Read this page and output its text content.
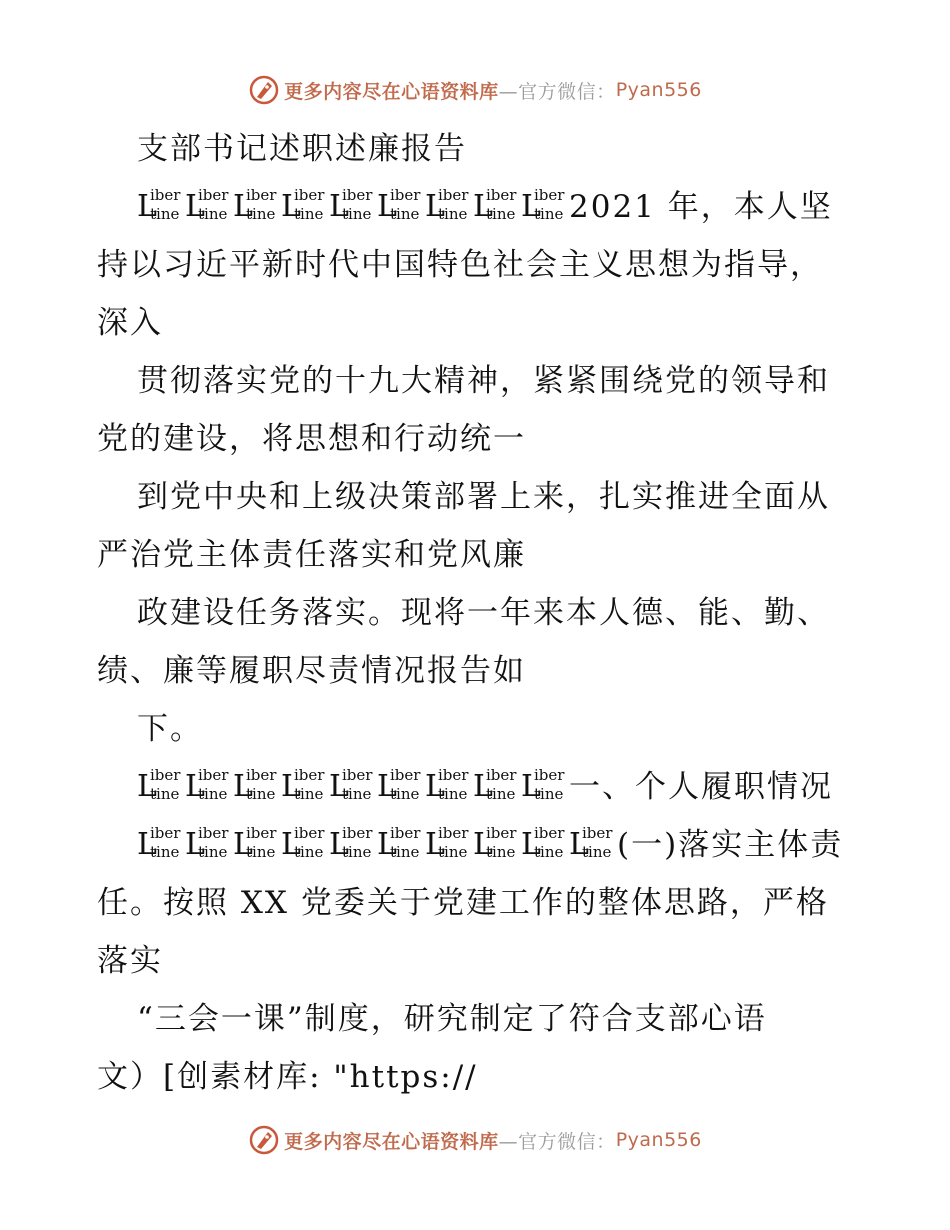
更多内容尽在心语资料库 —官方微信： Pyan556
支部书记述职述廉报告
L
iber
tine L
iber
tine L
iber
tine L
iber
tine L
iber
tine L
iber
tine L
iber
tine L
iber
tine L
iber
tine 2021 年，本人坚
持以习近平新时代中国特色社会主义思想为指导，
深入
贯彻落实党的十九大精神，紧紧围绕党的领导和
党的建设，将思想和行动统一
到党中央和上级决策部署上来，扎实推进全面从
严治党主体责任落实和党风廉
政建设任务落实。现将一年来本人德、能、勤、
绩、廉等履职尽责情况报告如
下。
L
iber
tine L
iber
tine L
iber
tine L
iber
tine L
iber
tine L
iber
tine L
iber
tine L
iber
tine L
iber
tine 一、个人履职情况
L
iber
tine L
iber
tine L
iber
tine L
iber
tine L
iber
tine L
iber
tine L
iber
tine L
iber
tine L
iber
tine L
iber
tine (一)落实主体责
任。按照 XX 党委关于党建工作的整体思路，严格
落实
“三会一课”制度，研究制定了符合支部心语
文）[创素材库: "https://
更多内容尽在心语资料库 —官方微信： Pyan556
